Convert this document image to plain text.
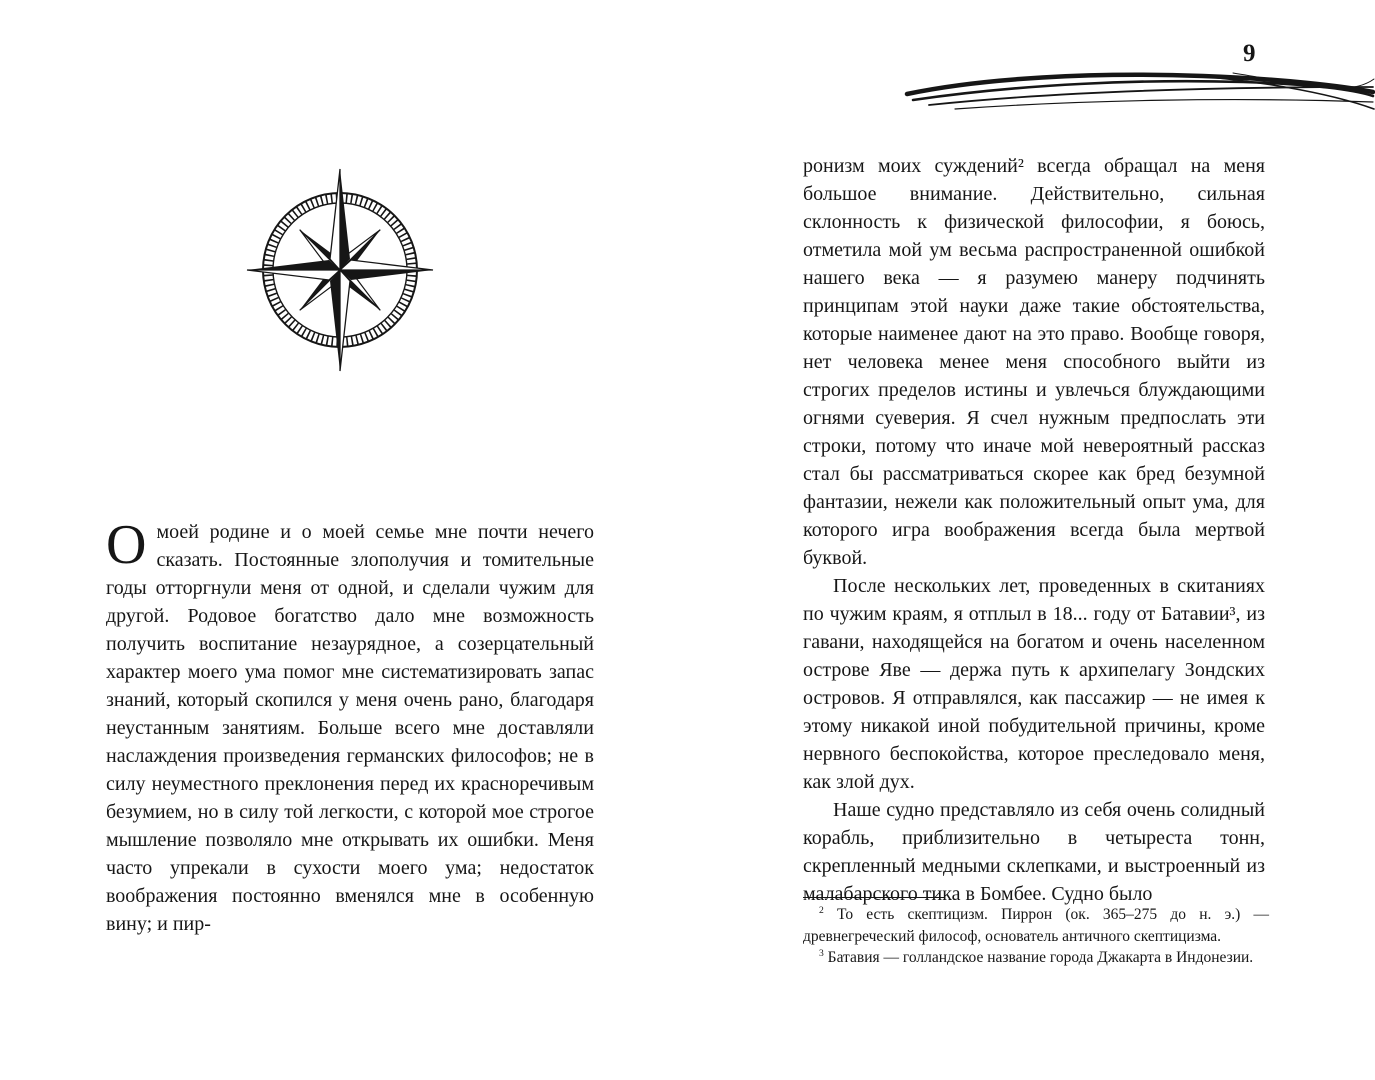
9

Омоей родине и о моей семье мне почти нечего сказать. Постоянные злополучия и томительные годы отторгнули меня от одной, и сделали чужим для другой. Родовое богатство дало мне возможность получить воспитание незаурядное, а созерцательный характер моего ума помог мне систематизировать запас знаний, который скопился у меня очень рано, благодаря неустанным занятиям. Больше всего мне доставляли наслаждения произведения германских философов; не в силу неуместного преклонения перед их красноречивым безумием, но в силу той легкости, с которой мое строгое мышление позволяло мне открывать их ошибки. Меня часто упрекали в сухости моего ума; недостаток воображения постоянно вменялся мне в особенную вину; и пир-

ронизм моих суждений² всегда обращал на меня большое внимание. Действительно, сильная склонность к физической философии, я боюсь, отметила мой ум весьма распространенной ошибкой нашего века — я разумею манеру подчинять принципам этой науки даже такие обстоятельства, которые наименее дают на это право. Вообще говоря, нет человека менее меня способного выйти из строгих пределов истины и увлечься блуждающими огнями суеверия. Я счел нужным предпослать эти строки, потому что иначе мой невероятный рассказ стал бы рассматриваться скорее как бред безумной фантазии, нежели как положительный опыт ума, для которого игра воображения всегда была мертвой буквой.

После нескольких лет, проведенных в скитаниях по чужим краям, я отплыл в 18... году от Батавии³, из гавани, находящейся на богатом и очень населенном острове Яве — держа путь к архипелагу Зондских островов. Я отправлялся, как пассажир — не имея к этому никакой иной побудительной причины, кроме нервного беспокойства, которое преследовало меня, как злой дух.

Наше судно представляло из себя очень солидный корабль, приблизительно в четыреста тонн, скрепленный медными склепками, и выстроенный из малабарского тика в Бомбее. Судно было

$^2$ То есть скептицизм. Пиррон (ок. 365–275 до н. э.) — древнегреческий философ, основатель античного скептицизма.

$^3$ Батавия — голландское название города Джакарта в Индонезии.
